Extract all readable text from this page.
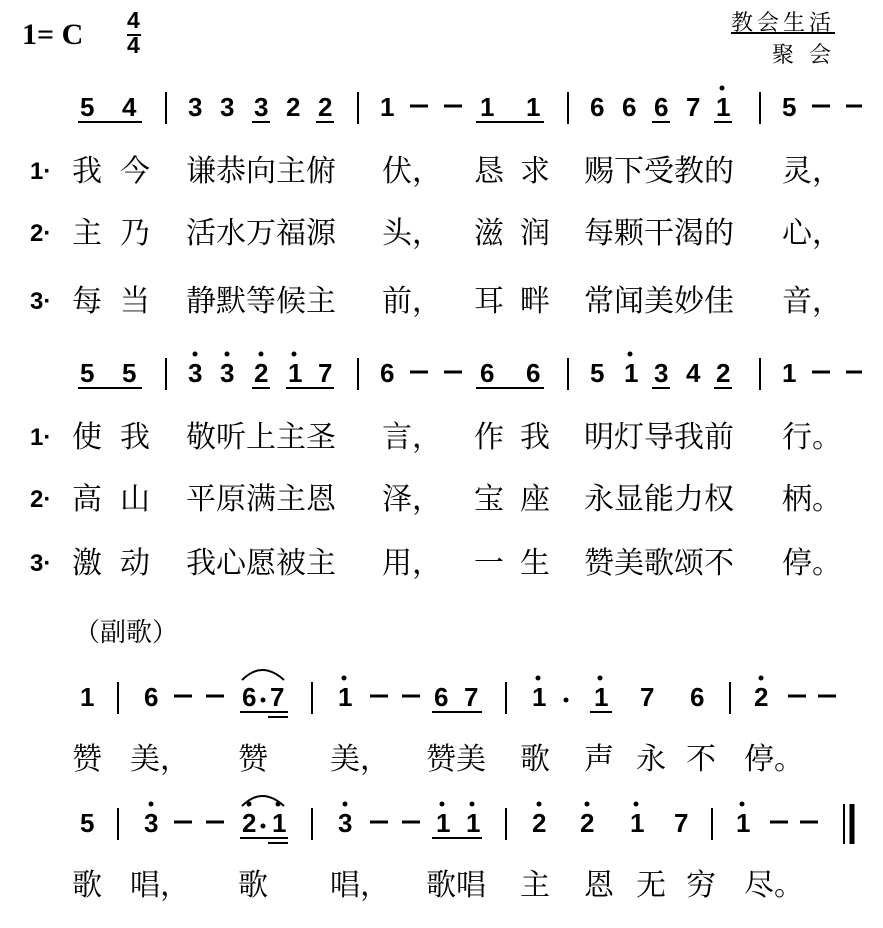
1= C 4
4
教会生活
聚 会
5 4 3 3 3 2 2 1	1 1 6 6 6 7 1 5
1· 我 今 谦恭向主俯 伏， 恳 求 赐下受教的 灵，
2· 主 乃 活水万福源 头， 滋 润 每颗干渴的 心，
3· 每 当 静默等候主 前， 耳 畔 常闻美妙佳 音，
5 5 3 3 2 1 7 6	6 6 5 1 3 4 2 1
1· 使 我 敬听上主圣 言， 作 我 明灯导我前 行。
2· 高 山 平原满主恩 泽， 宝 座 永显能力权 柄。
3· 激 动 我心愿被主 用， 一 生 赞美歌颂不 停。
（副歌）
1 6	6 7 1	6 7 1 1 7 6 2
赞 美， 赞 美， 赞美 歌 声 永 不 停。
5 3	2 1 3	1 1 2 2 1 7 1
歌 唱， 歌 唱， 歌唱 主 恩 无 穷 尽。
